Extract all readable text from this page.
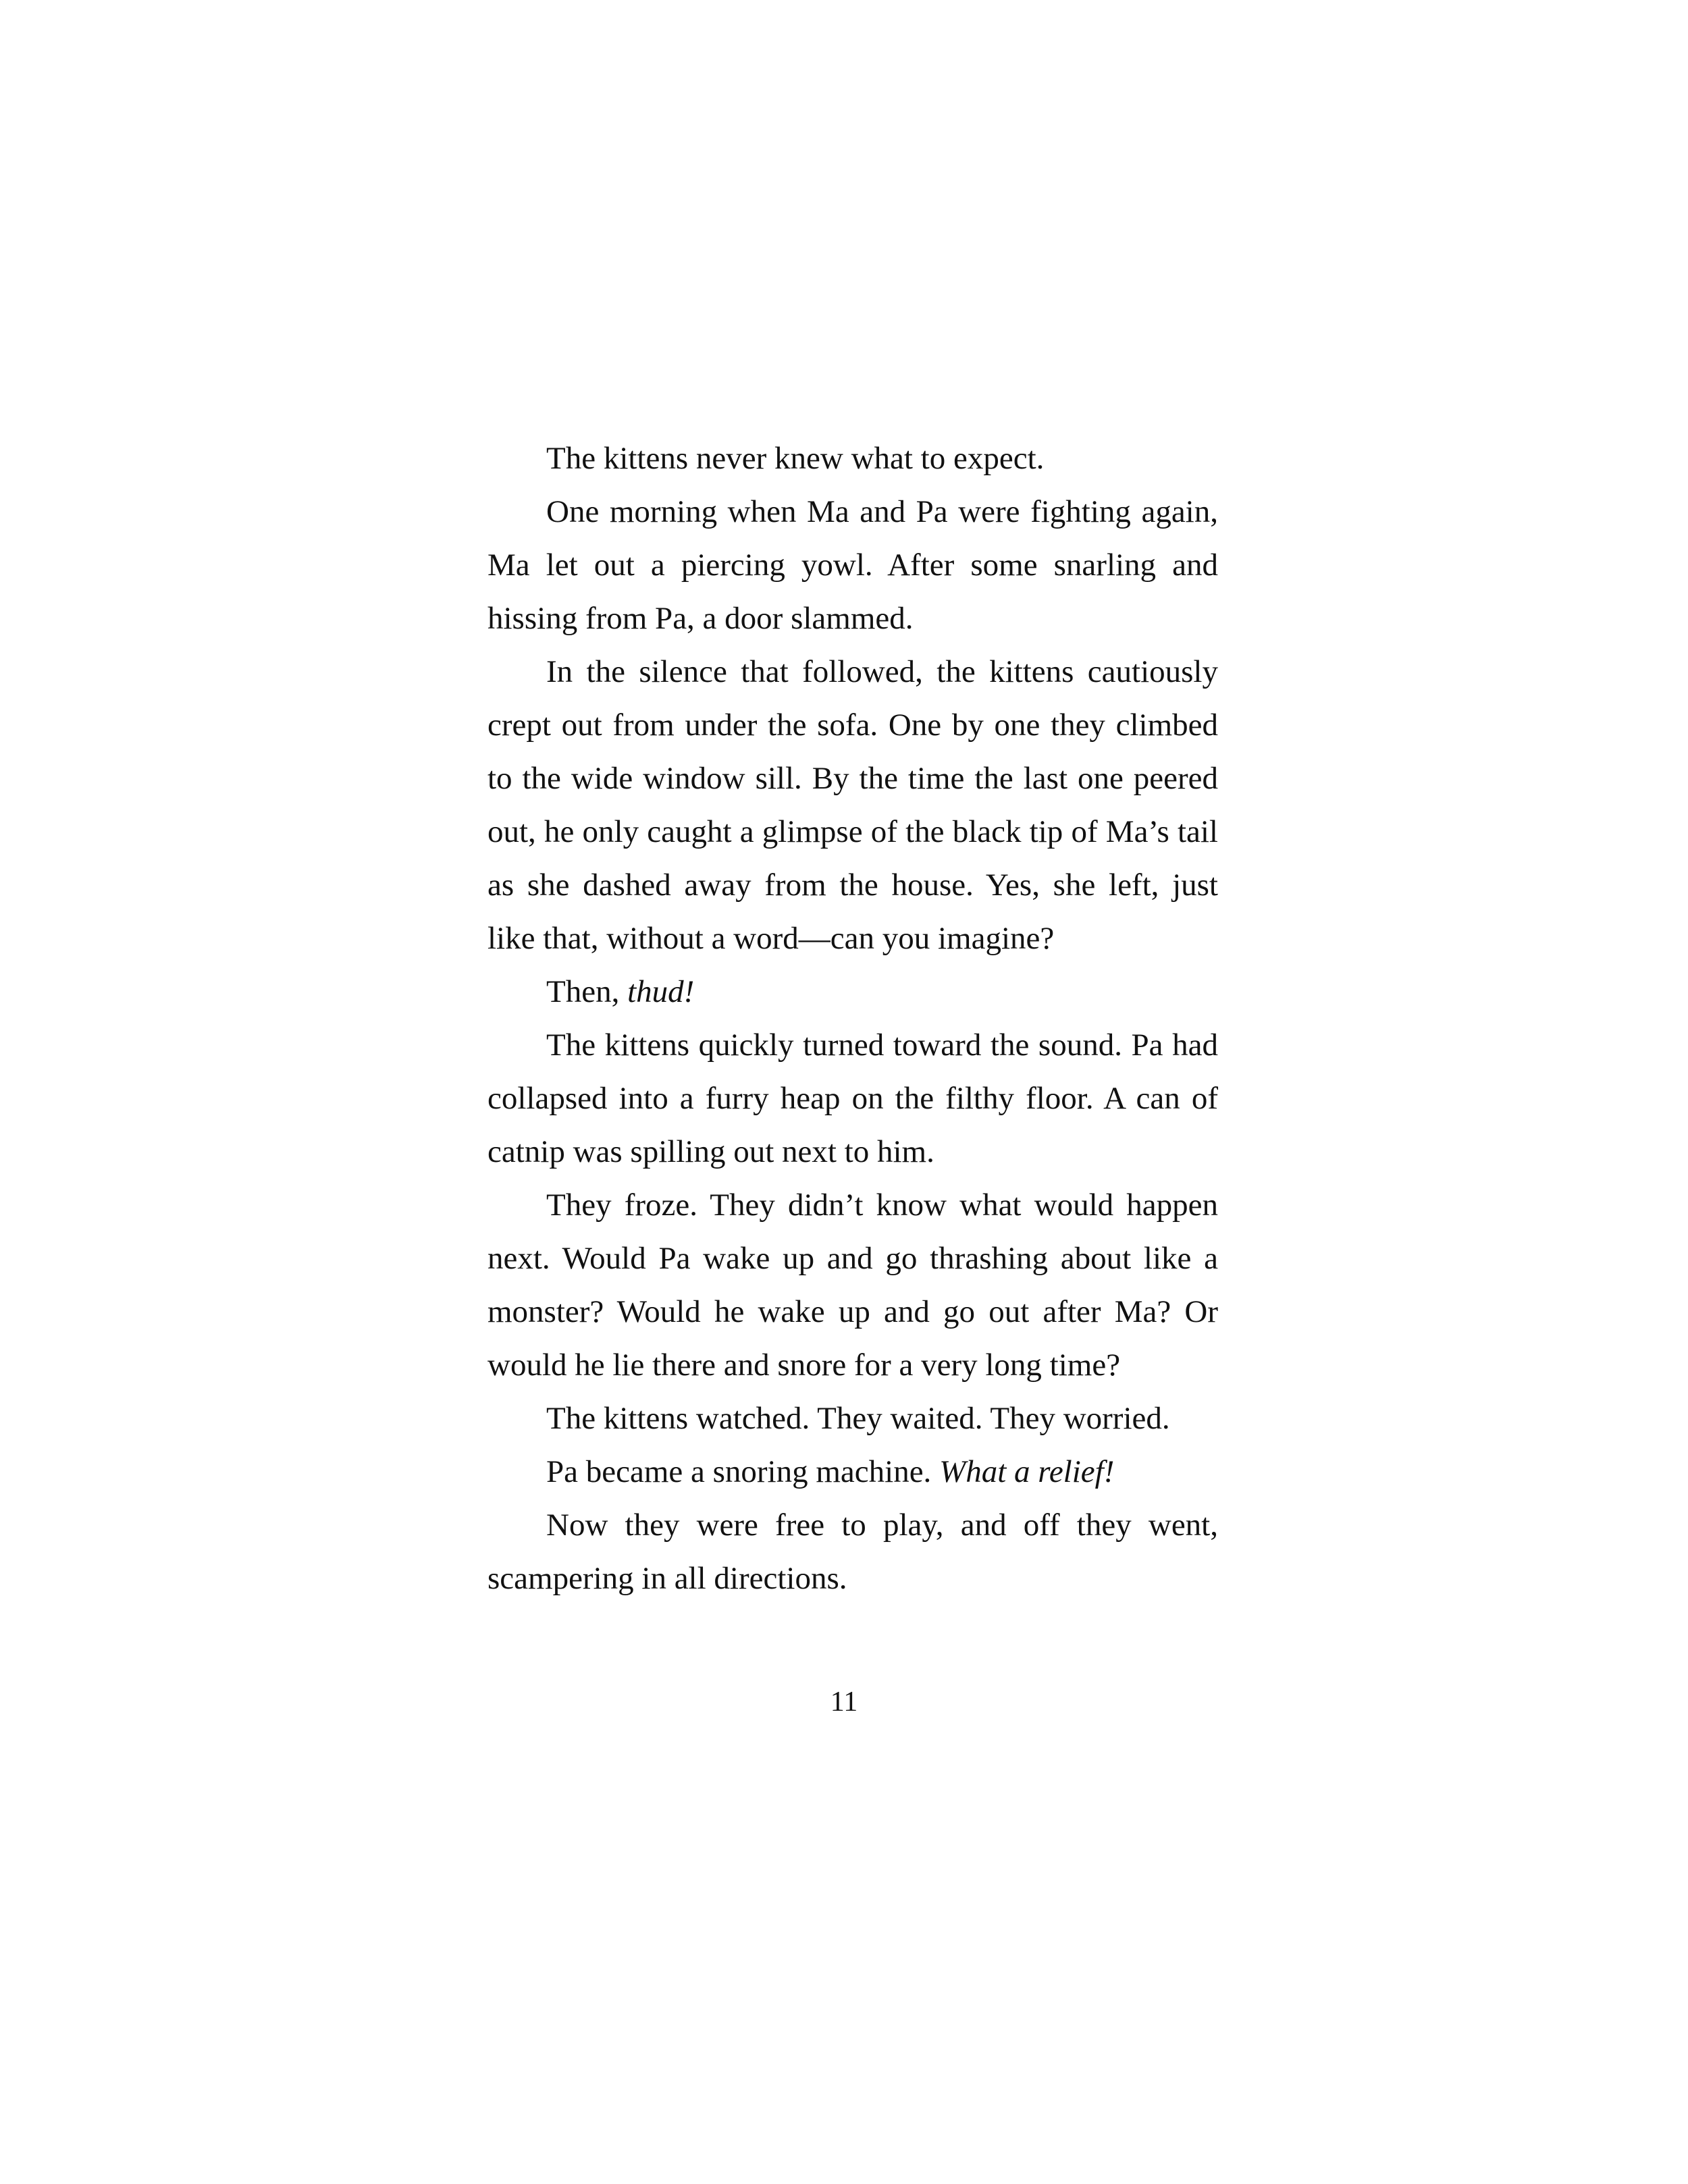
The kittens never knew what to expect.

One morning when Ma and Pa were fighting again, Ma let out a piercing yowl. After some snarling and hissing from Pa, a door slammed.

In the silence that followed, the kittens cautiously crept out from under the sofa. One by one they climbed to the wide window sill. By the time the last one peered out, he only caught a glimpse of the black tip of Ma’s tail as she dashed away from the house. Yes, she left, just like that, without a word—can you imagine?

Then, thud!

The kittens quickly turned toward the sound. Pa had collapsed into a furry heap on the filthy floor. A can of catnip was spilling out next to him.

They froze. They didn’t know what would happen next. Would Pa wake up and go thrashing about like a monster? Would he wake up and go out after Ma? Or would he lie there and snore for a very long time?

The kittens watched. They waited. They worried.

Pa became a snoring machine. What a relief!

Now they were free to play, and off they went, scampering in all directions.

11
